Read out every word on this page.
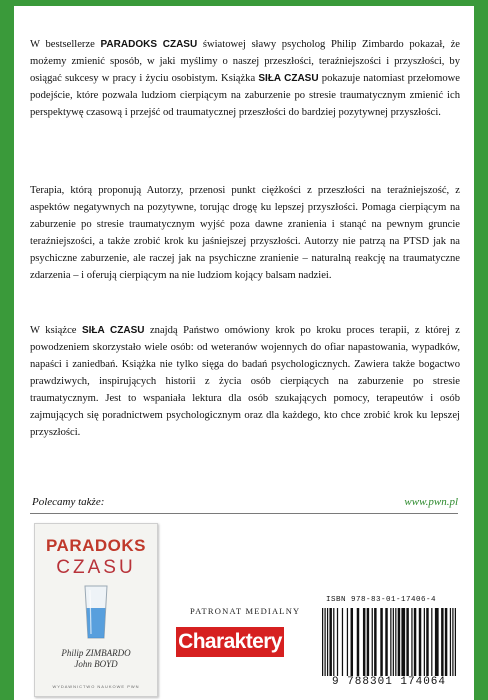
W bestsellerze PARADOKS CZASU światowej sławy psycholog Philip Zimbardo pokazał, że możemy zmienić sposób, w jaki myślimy o naszej przeszłości, teraźniejszości i przyszłości, by osiągać sukcesy w pracy i życiu osobistym. Książka SIŁA CZASU pokazuje natomiast przełomowe podejście, które pozwala ludziom cierpiącym na zaburzenie po stresie traumatycznym zmienić ich perspektywę czasową i przejść od traumatycznej przeszłości do bardziej pozytywnej przyszłości.

Terapia, którą proponują Autorzy, przenosi punkt ciężkości z przeszłości na teraźniejszość, z aspektów negatywnych na pozytywne, torując drogę ku lepszej przyszłości. Pomaga cierpiącym na zaburzenie po stresie traumatycznym wyjść poza dawne zranienia i stanąć na pewnym gruncie teraźniejszości, a także zrobić krok ku jaśniejszej przyszłości. Autorzy nie patrzą na PTSD jak na psychiczne zaburzenie, ale raczej jak na psychiczne zranienie – naturalną reakcję na traumatyczne zdarzenia – i oferują cierpiącym na nie ludziom kojący balsam nadziei.

W książce SIŁA CZASU znajdą Państwo omówiony krok po kroku proces terapii, z której z powodzeniem skorzystało wiele osób: od weteranów wojennych do ofiar napastowania, wypadków, napaści i zaniedbań. Książka nie tylko sięga do badań psychologicznych. Zawiera także bogactwo prawdziwych, inspirujących historii z życia osób cierpiących na zaburzenie po stresie traumatycznym. Jest to wspaniała lektura dla osób szukających pomocy, terapeutów i osób zajmujących się poradnictwem psychologicznym oraz dla każdego, kto chce zrobić krok ku lepszej przyszłości.

Polecamy także:	www.pwn.pl
PARADOKS
CZASU
Philip ZIMBARDO
John BOYD
WYDAWNICTWO NAUKOWE PWN
PATRONAT MEDIALNY
Charaktery
ISBN 978-83-01-17406-4
9 788301 174064
